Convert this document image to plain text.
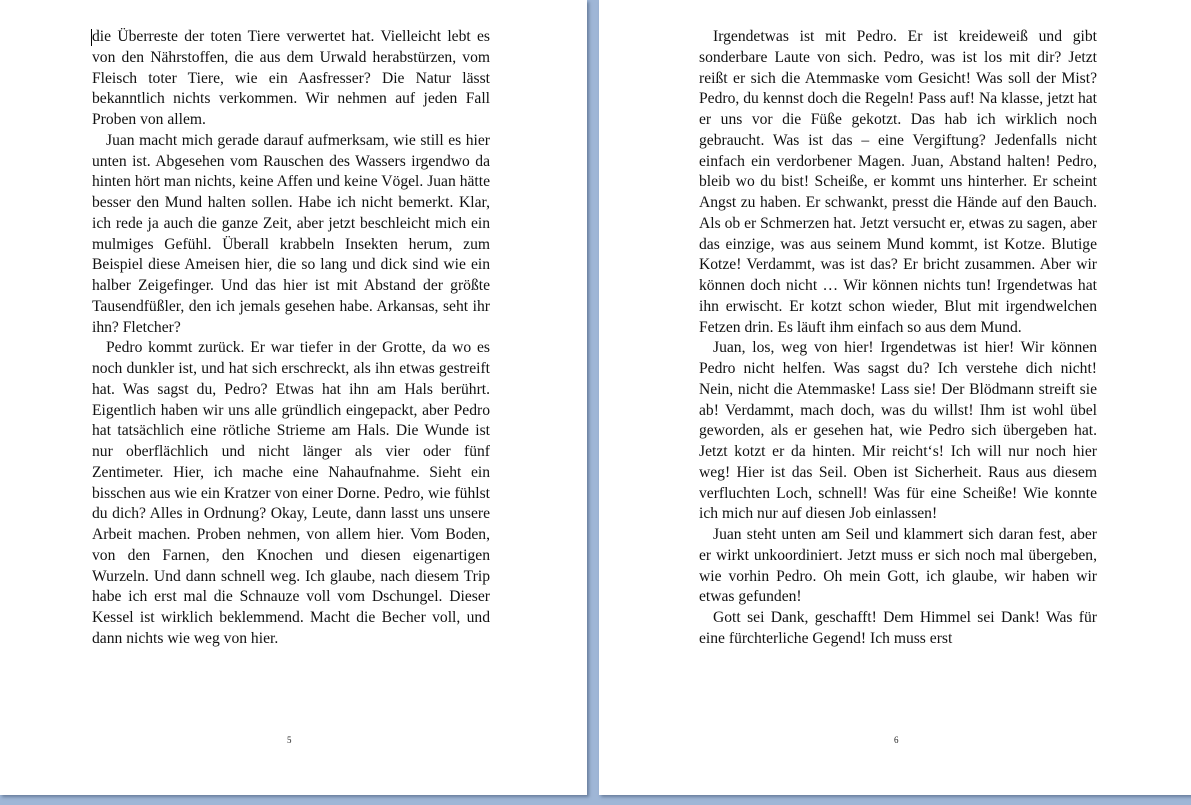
die Überreste der toten Tiere verwertet hat. Vielleicht lebt es von den Nährstoffen, die aus dem Urwald herabstürzen, vom Fleisch toter Tiere, wie ein Aasfresser? Die Natur lässt bekanntlich nichts verkommen. Wir nehmen auf jeden Fall Proben von allem.

Juan macht mich gerade darauf aufmerksam, wie still es hier unten ist. Abgesehen vom Rauschen des Wassers irgendwo da hinten hört man nichts, keine Affen und keine Vögel. Juan hätte besser den Mund halten sollen. Habe ich nicht bemerkt. Klar, ich rede ja auch die ganze Zeit, aber jetzt beschleicht mich ein mulmiges Gefühl. Überall krabbeln Insekten herum, zum Beispiel diese Ameisen hier, die so lang und dick sind wie ein halber Zeigefinger. Und das hier ist mit Abstand der größte Tausendfüßler, den ich jemals gesehen habe. Arkansas, seht ihr ihn? Fletcher?

Pedro kommt zurück. Er war tiefer in der Grotte, da wo es noch dunkler ist, und hat sich erschreckt, als ihn etwas gestreift hat. Was sagst du, Pedro? Etwas hat ihn am Hals berührt. Eigentlich haben wir uns alle gründlich eingepackt, aber Pedro hat tatsächlich eine rötliche Strieme am Hals. Die Wunde ist nur oberflächlich und nicht länger als vier oder fünf Zentimeter. Hier, ich mache eine Nahaufnahme. Sieht ein bisschen aus wie ein Kratzer von einer Dorne. Pedro, wie fühlst du dich? Alles in Ordnung? Okay, Leute, dann lasst uns unsere Arbeit machen. Proben nehmen, von allem hier. Vom Boden, von den Farnen, den Knochen und diesen eigenartigen Wurzeln. Und dann schnell weg. Ich glaube, nach diesem Trip habe ich erst mal die Schnauze voll vom Dschungel. Dieser Kessel ist wirklich beklemmend. Macht die Becher voll, und dann nichts wie weg von hier.

5

Irgendetwas ist mit Pedro. Er ist kreideweiß und gibt sonderbare Laute von sich. Pedro, was ist los mit dir? Jetzt reißt er sich die Atemmaske vom Gesicht! Was soll der Mist? Pedro, du kennst doch die Regeln! Pass auf! Na klasse, jetzt hat er uns vor die Füße gekotzt. Das hab ich wirklich noch gebraucht. Was ist das – eine Vergiftung? Jedenfalls nicht einfach ein verdorbener Magen. Juan, Abstand halten! Pedro, bleib wo du bist! Scheiße, er kommt uns hinterher. Er scheint Angst zu haben. Er schwankt, presst die Hände auf den Bauch. Als ob er Schmerzen hat. Jetzt versucht er, etwas zu sagen, aber das einzige, was aus seinem Mund kommt, ist Kotze. Blutige Kotze! Verdammt, was ist das? Er bricht zusammen. Aber wir können doch nicht … Wir können nichts tun! Irgendetwas hat ihn erwischt. Er kotzt schon wieder, Blut mit irgendwelchen Fetzen drin. Es läuft ihm einfach so aus dem Mund.

Juan, los, weg von hier! Irgendetwas ist hier! Wir können Pedro nicht helfen. Was sagst du? Ich verstehe dich nicht! Nein, nicht die Atemmaske! Lass sie! Der Blödmann streift sie ab! Verdammt, mach doch, was du willst! Ihm ist wohl übel geworden, als er gesehen hat, wie Pedro sich übergeben hat. Jetzt kotzt er da hinten. Mir reicht‘s! Ich will nur noch hier weg! Hier ist das Seil. Oben ist Sicherheit. Raus aus diesem verfluchten Loch, schnell! Was für eine Scheiße! Wie konnte ich mich nur auf diesen Job einlassen!

Juan steht unten am Seil und klammert sich daran fest, aber er wirkt unkoordiniert. Jetzt muss er sich noch mal übergeben, wie vorhin Pedro. Oh mein Gott, ich glaube, wir haben wir etwas gefunden!

Gott sei Dank, geschafft! Dem Himmel sei Dank! Was für eine fürchterliche Gegend! Ich muss erst

6
